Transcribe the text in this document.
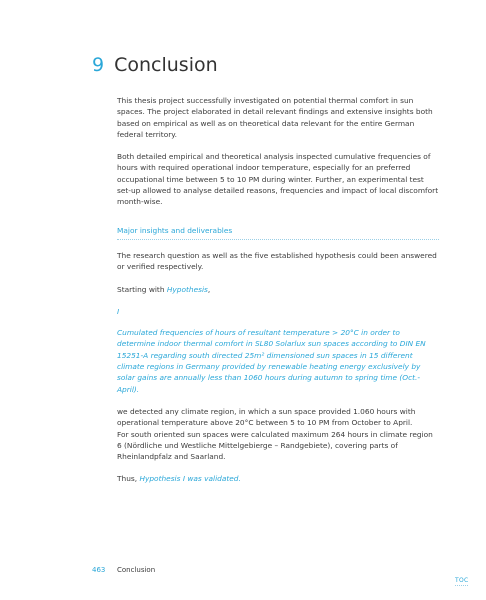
9 Conclusion

This thesis project successfully investigated on potential thermal comfort in sun spaces. The project elaborated in detail relevant findings and extensive insights both based on empirical as well as on theoretical data relevant for the entire German federal territory.

Both detailed empirical and theoretical analysis inspected cumulative frequencies of hours with required operational indoor temperature, especially for an preferred occupational time between 5 to 10 PM during winter. Further, an experimental test set-up allowed to analyse detailed reasons, frequencies and impact of local discomfort month-wise.

Major insights and deliverables

The research question as well as the five established hypothesis could been answered or verified respectively.

Starting with Hypothesis,

I

Cumulated frequencies of hours of resultant temperature > 20°C in order to determine indoor thermal comfort in SL80 Solarlux sun spaces according to DIN EN 15251-A regarding south directed 25m² dimensioned sun spaces in 15 different climate regions in Germany provided by renewable heating energy exclusively by solar gains are annually less than 1060 hours during autumn to spring time (Oct.-April).

we detected any climate region, in which a sun space provided 1.060 hours with operational temperature above 20°C between 5 to 10 PM from October to April.
For south oriented sun spaces were calculated maximum 264 hours in climate region 6 (Nördliche und Westliche Mittelgebierge – Randgebiete), covering parts of Rheinlandpfalz and Saarland.

Thus, Hypothesis I was validated.

463 Conclusion
TOC
